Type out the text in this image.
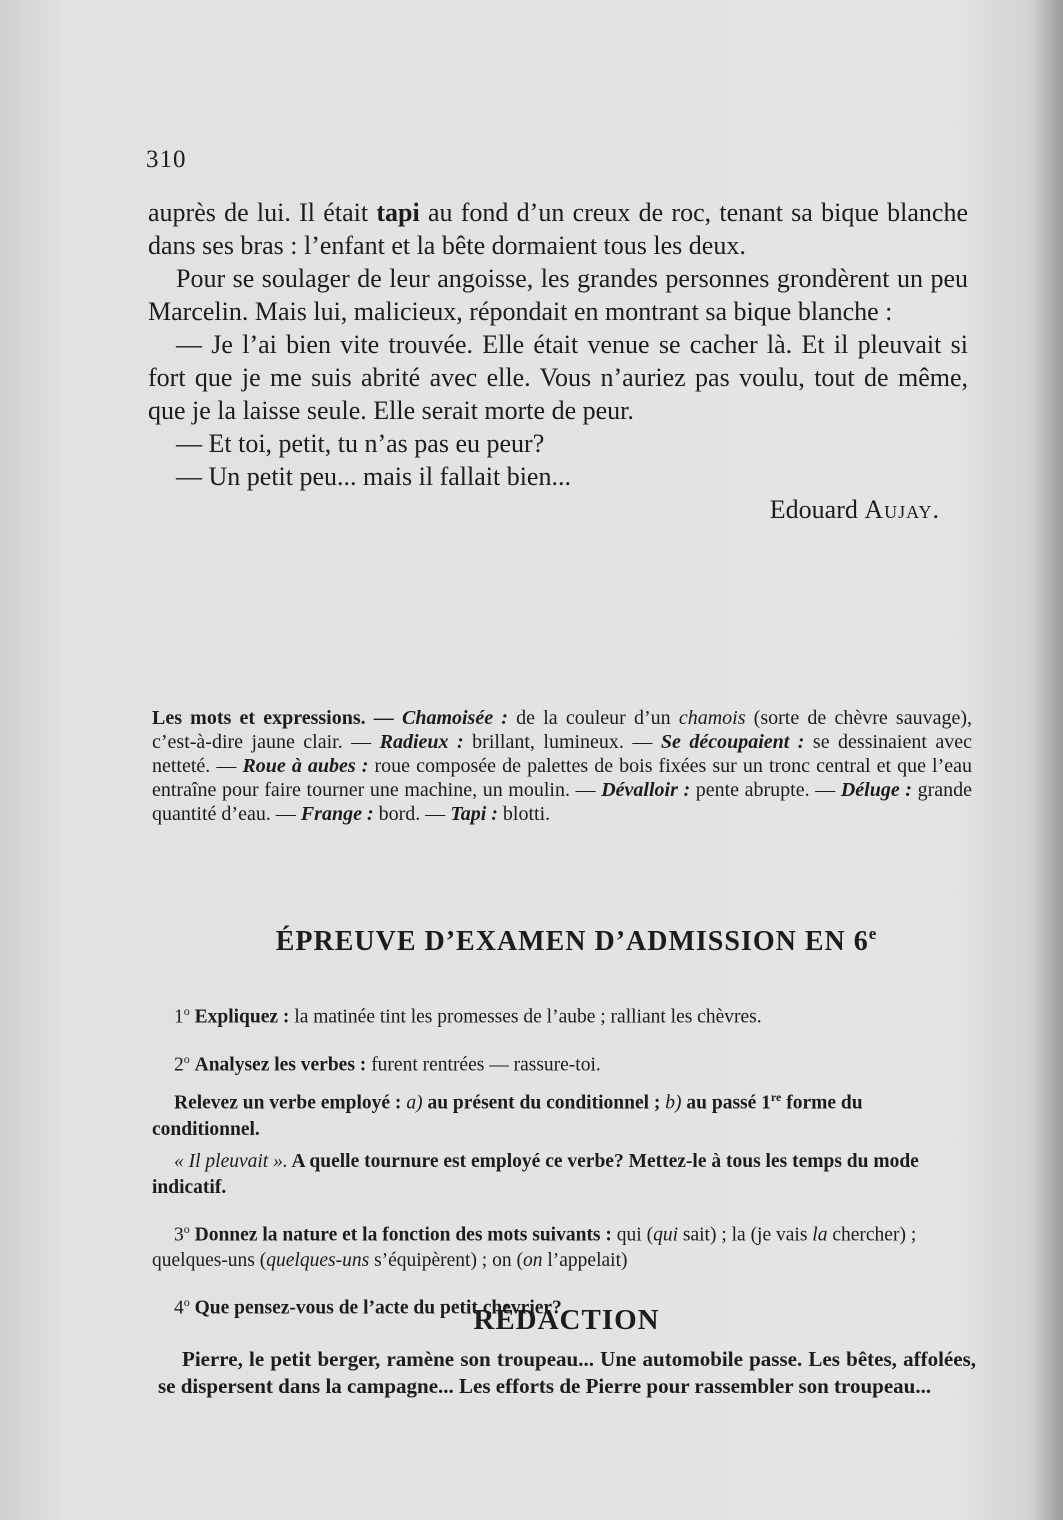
310

auprès de lui. Il était tapi au fond d’un creux de roc, tenant sa bique blanche dans ses bras : l’enfant et la bête dormaient tous les deux.

Pour se soulager de leur angoisse, les grandes personnes grondèrent un peu Marcelin. Mais lui, malicieux, répondait en montrant sa bique blanche :

— Je l’ai bien vite trouvée. Elle était venue se cacher là. Et il pleuvait si fort que je me suis abrité avec elle. Vous n’auriez pas voulu, tout de même, que je la laisse seule. Elle serait morte de peur.

— Et toi, petit, tu n’as pas eu peur?

— Un petit peu... mais il fallait bien...

Edouard Aujay.

Les mots et expressions. — Chamoisée : de la couleur d’un chamois (sorte de chèvre sauvage), c’est-à-dire jaune clair. — Radieux : brillant, lumineux. — Se découpaient : se dessinaient avec netteté. — Roue à aubes : roue composée de palettes de bois fixées sur un tronc central et que l’eau entraîne pour faire tourner une machine, un moulin. — Dévalloir : pente abrupte. — Déluge : grande quantité d’eau. — Frange : bord. — Tapi : blotti.
ÉPREUVE D’EXAMEN D’ADMISSION EN 6e

1$^o$ Expliquez : la matinée tint les promesses de l’aube ; ralliant les chèvres.

2$^o$ Analysez les verbes : furent rentrées — rassure-toi.

Relevez un verbe employé : a) au présent du conditionnel ; b) au passé 1re forme du conditionnel.

« Il pleuvait ». A quelle tournure est employé ce verbe? Mettez-le à tous les temps du mode indicatif.

3$^o$ Donnez la nature et la fonction des mots suivants : qui (qui sait) ; la (je vais la chercher) ; quelques-uns (quelques-uns s’équipèrent) ; on (on l’appelait)

4$^o$ Que pensez-vous de l’acte du petit chevrier?

RÉDACTION

Pierre, le petit berger, ramène son troupeau... Une automobile passe. Les bêtes, affolées, se dispersent dans la campagne... Les efforts de Pierre pour rassembler son troupeau...
